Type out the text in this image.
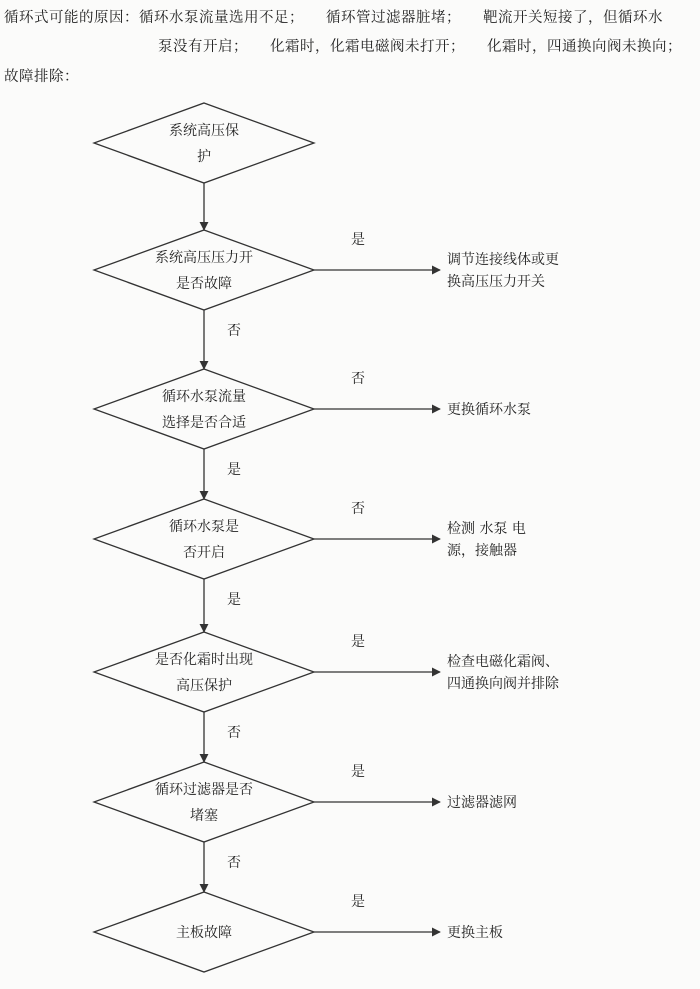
循环式可能的原因：循环水泵流量选用不足； 循环管过滤器脏堵； 靶流开关短接了，但循环水
泵没有开启； 化霜时，化霜电磁阀未打开； 化霜时，四通换向阀未换向；
故障排除：
系统高压保
护
系统高压压力开
是否故障
循环水泵流量
选择是否合适
否
循环水泵是
否开启
是
是否化霜时出现
高压保护
是
循环过滤器是否
堵塞
否
主板故障
否
是
调节连接线体或更
换高压压力开关
否
更换循环水泵
否
检测 水泵 电
源，接触器
是
检查电磁化霜阀、
四通换向阀并排除
是
过滤器滤网
是
更换主板
